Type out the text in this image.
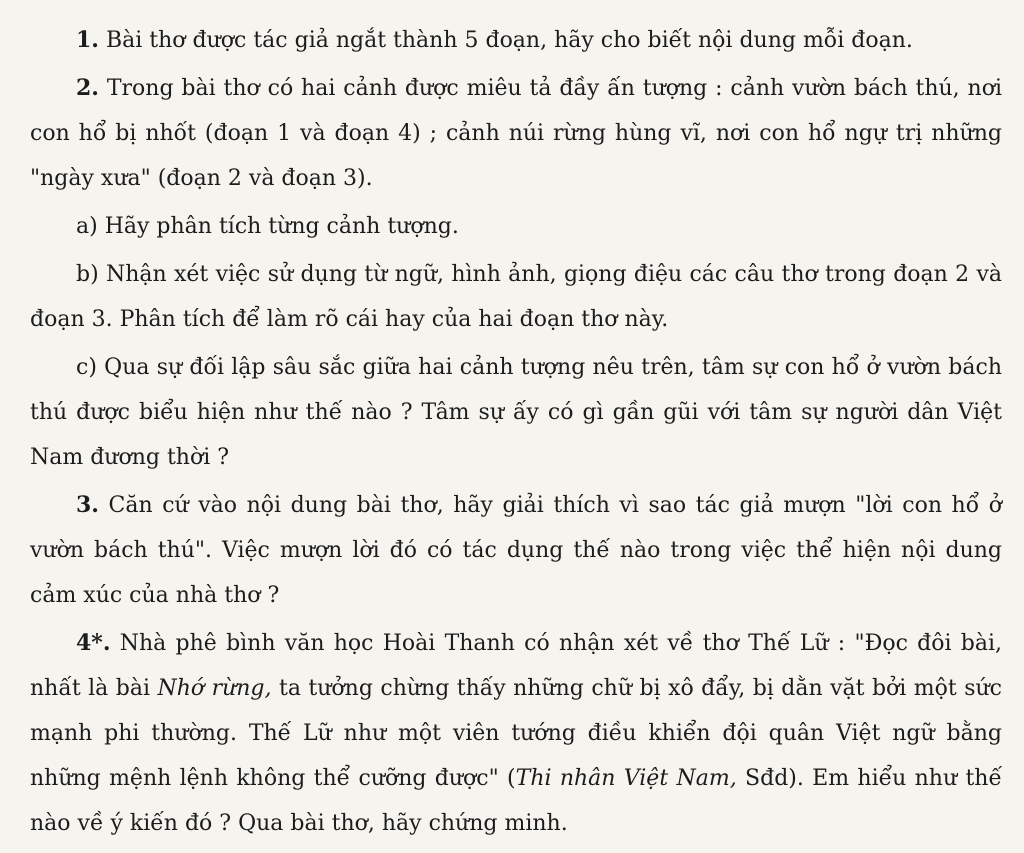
1. Bài thơ được tác giả ngắt thành 5 đoạn, hãy cho biết nội dung mỗi đoạn.

2. Trong bài thơ có hai cảnh được miêu tả đầy ấn tượng : cảnh vườn bách thú, nơi con hổ bị nhốt (đoạn 1 và đoạn 4) ; cảnh núi rừng hùng vĩ, nơi con hổ ngự trị những "ngày xưa" (đoạn 2 và đoạn 3).

a) Hãy phân tích từng cảnh tượng.

b) Nhận xét việc sử dụng từ ngữ, hình ảnh, giọng điệu các câu thơ trong đoạn 2 và đoạn 3. Phân tích để làm rõ cái hay của hai đoạn thơ này.

c) Qua sự đối lập sâu sắc giữa hai cảnh tượng nêu trên, tâm sự con hổ ở vườn bách thú được biểu hiện như thế nào ? Tâm sự ấy có gì gần gũi với tâm sự người dân Việt Nam đương thời ?

3. Căn cứ vào nội dung bài thơ, hãy giải thích vì sao tác giả mượn "lời con hổ ở vườn bách thú". Việc mượn lời đó có tác dụng thế nào trong việc thể hiện nội dung cảm xúc của nhà thơ ?

4*. Nhà phê bình văn học Hoài Thanh có nhận xét về thơ Thế Lữ : "Đọc đôi bài, nhất là bài Nhớ rừng, ta tưởng chừng thấy những chữ bị xô đẩy, bị dằn vặt bởi một sức mạnh phi thường. Thế Lữ như một viên tướng điều khiển đội quân Việt ngữ bằng những mệnh lệnh không thể cưỡng được" (Thi nhân Việt Nam, Sđd). Em hiểu như thế nào về ý kiến đó ? Qua bài thơ, hãy chứng minh.
